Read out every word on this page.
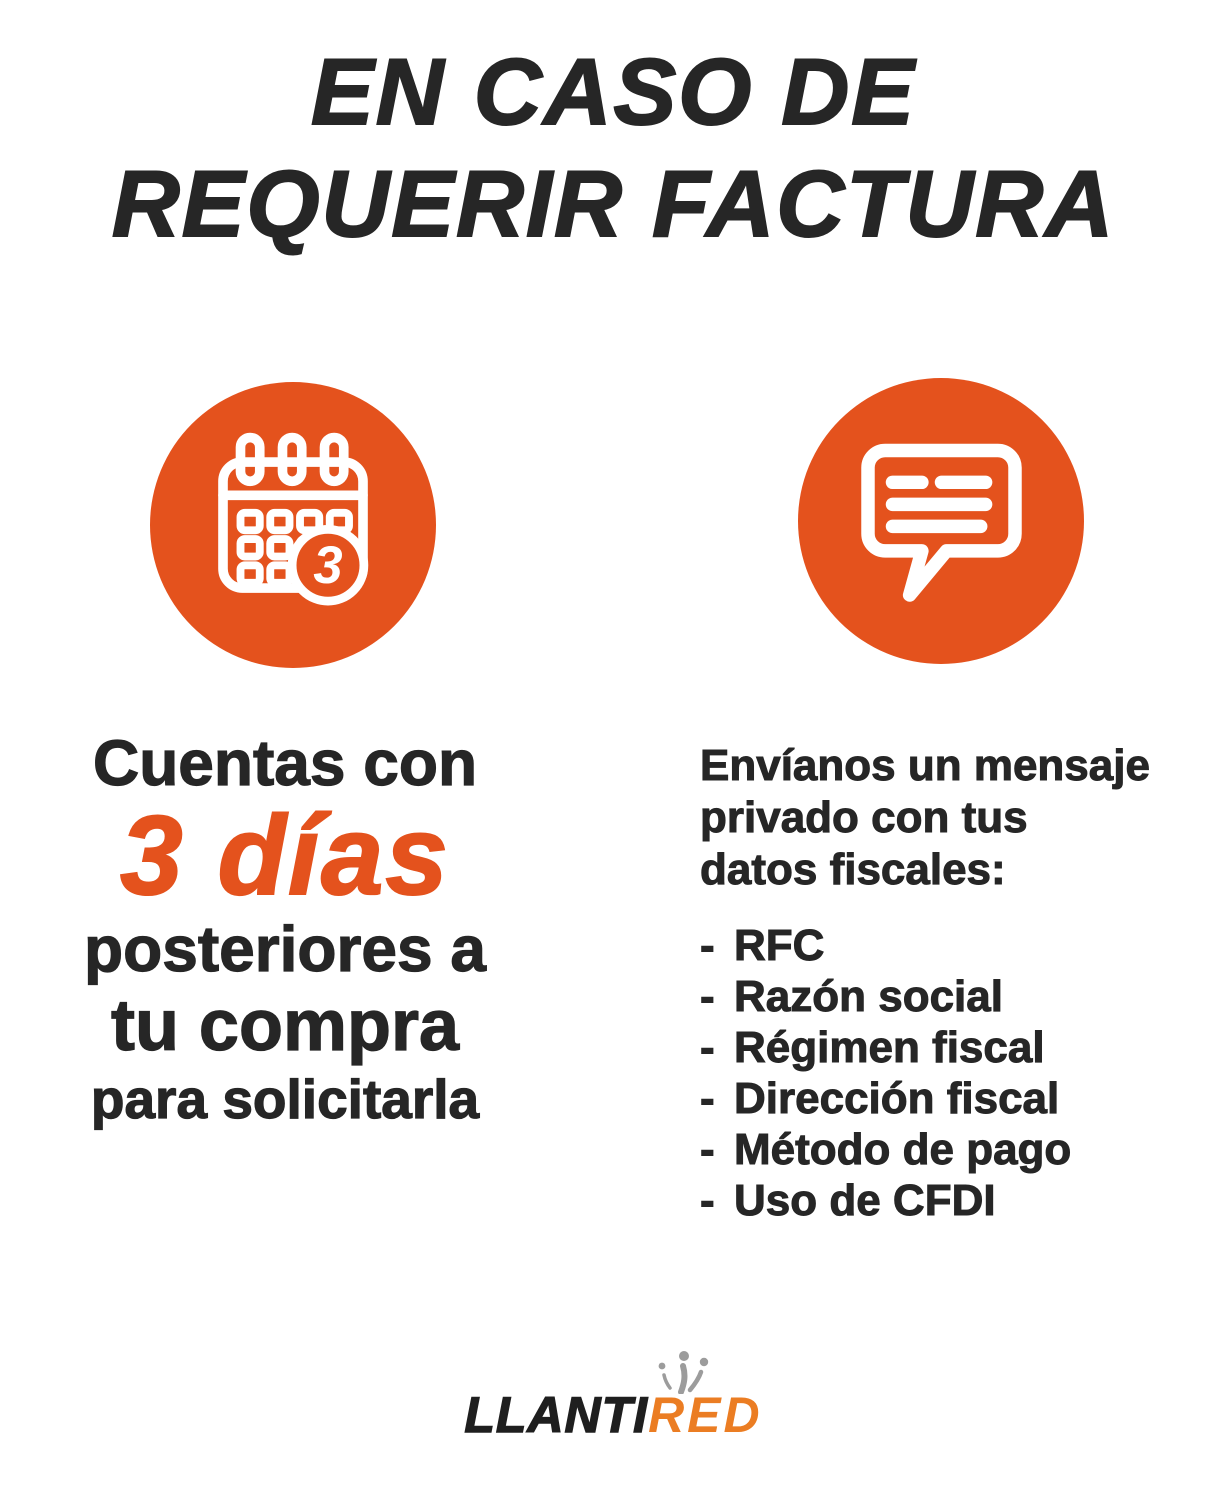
EN CASO DE
REQUERIR FACTURA
3
Cuentas con
3 días
posteriores a
tu compra
para solicitarla
Envíanos un mensaje
privado con tus
datos fiscales:
- RFC
- Razón social
- Régimen fiscal
- Dirección fiscal
- Método de pago
- Uso de CFDI
LLANTIRED
